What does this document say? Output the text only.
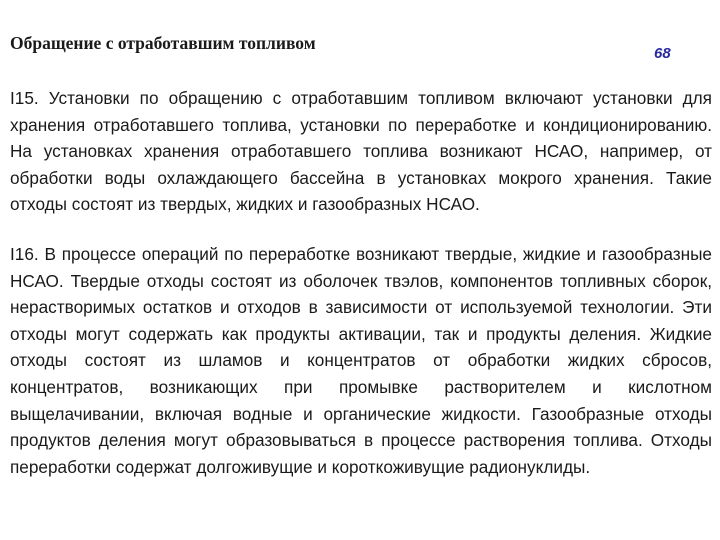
Обращение с отработавшим топливом
68

I15. Установки по обращению с отработавшим топливом включают установки для хранения отработавшего топлива, установки по переработке и кондиционированию. На установках хранения отработавшего топлива возникают НСАО, например, от обработки воды охлаждающего бассейна в установках мокрого хранения. Такие отходы состоят из твердых, жидких и газообразных НСАО.

I16. В процессе операций по переработке возникают твердые, жидкие и газообразные НСАО. Твердые отходы состоят из оболочек твэлов, компонентов топливных сборок, нерастворимых остатков и отходов в зависимости от используемой технологии. Эти отходы могут содержать как продукты активации, так и продукты деления. Жидкие отходы состоят из шламов и концентратов от обработки жидких сбросов, концентратов, возникающих при промывке растворителем и кислотном выщелачивании, включая водные и органические жидкости. Газообразные отходы продуктов деления могут образовываться в процессе растворения топлива. Отходы переработки содержат долгоживущие и короткоживущие радионуклиды.
